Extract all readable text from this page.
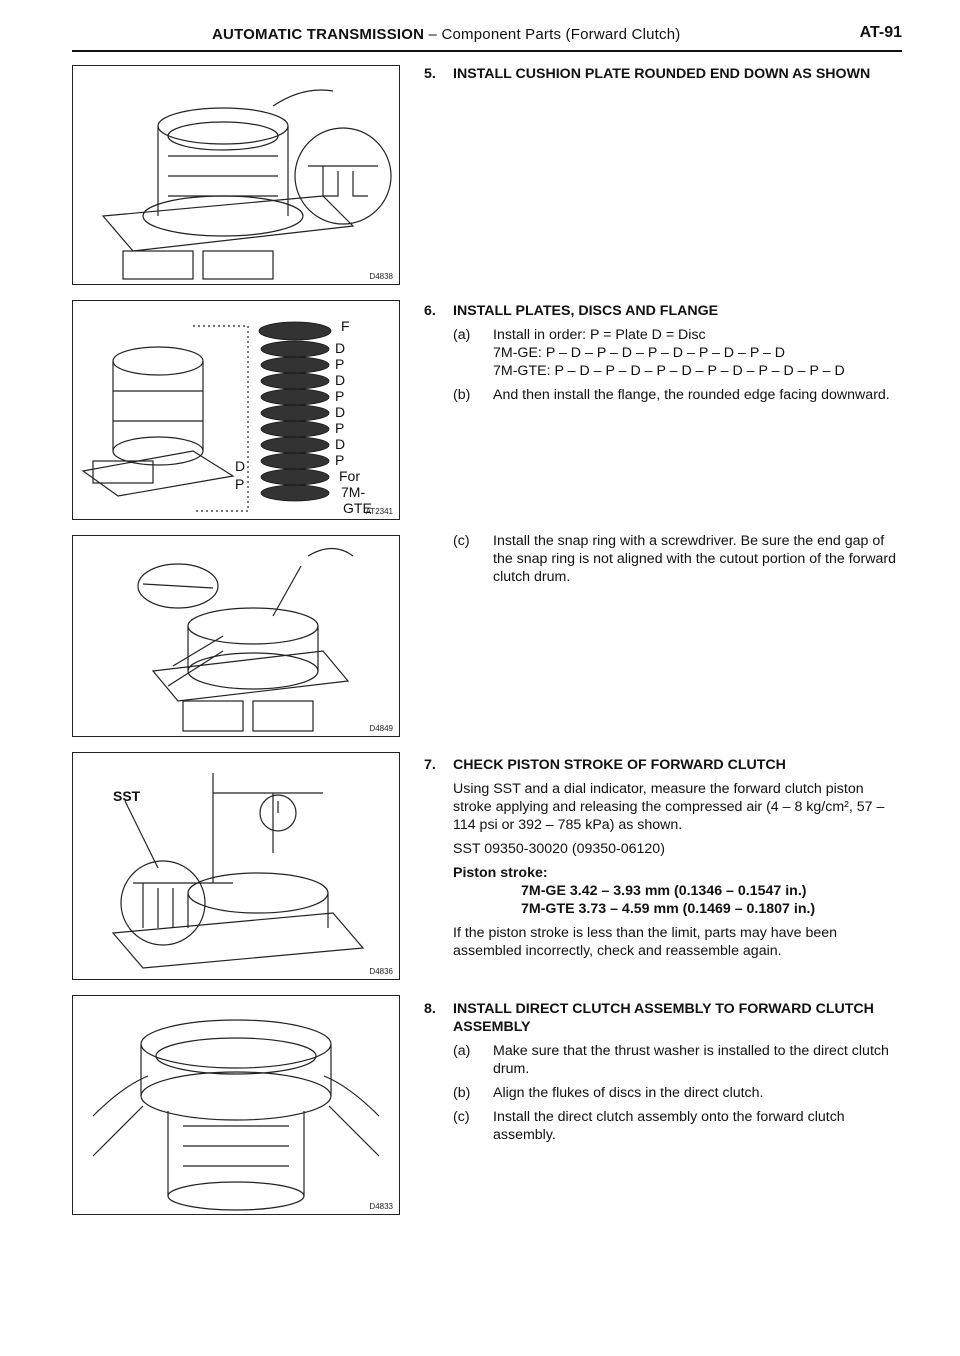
AUTOMATIC TRANSMISSION – Component Parts (Forward Clutch)	AT-91
D4838
F
D
P
D
P
D
P
D
P
For
7M-
GTE
D
P
AT2341
D4849
SST
D4836
D4833
5. INSTALL CUSHION PLATE ROUNDED END DOWN AS SHOWN
6. INSTALL PLATES, DISCS AND FLANGE
(a) Install in order: P = Plate D = Disc
7M-GE: P – D – P – D – P – D – P – D – P – D
7M-GTE: P – D – P – D – P – D – P – D – P – D – P – D
(b) And then install the flange, the rounded edge facing downward.
(c) Install the snap ring with a screwdriver. Be sure the end gap of the snap ring is not aligned with the cutout portion of the forward clutch drum.
7. CHECK PISTON STROKE OF FORWARD CLUTCH
Using SST and a dial indicator, measure the forward clutch piston stroke applying and releasing the compressed air (4 – 8 kg/cm², 57 – 114 psi or 392 – 785 kPa) as shown.
SST 09350-30020 (09350-06120)
Piston stroke:
7M-GE 3.42 – 3.93 mm (0.1346 – 0.1547 in.)
7M-GTE 3.73 – 4.59 mm (0.1469 – 0.1807 in.)
If the piston stroke is less than the limit, parts may have been assembled incorrectly, check and reassemble again.
8. INSTALL DIRECT CLUTCH ASSEMBLY TO FORWARD CLUTCH ASSEMBLY
(a) Make sure that the thrust washer is installed to the direct clutch drum.
(b) Align the flukes of discs in the direct clutch.
(c) Install the direct clutch assembly onto the forward clutch assembly.
